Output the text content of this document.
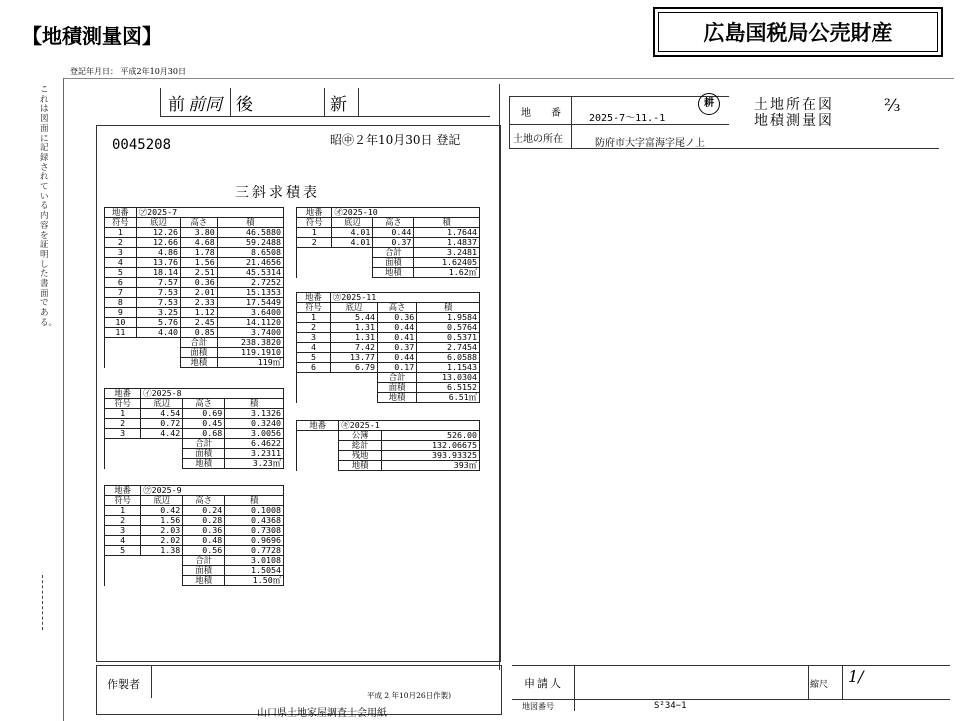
【地積測量図】	広島国税局公売財産
登記年月日： 平成2年10月30日
これは図面に記録されている内容を証明した書面である。
前 前同 後	新
0045208	昭㊥２年10月30日 登記
三斜求積表
地　　番	2025-7〜11.-1
土地所在図
地積測量図
⅔
土地の所在	防府市大字富海字尾ノ上
耕
地番	㋐2025-7		
符号	底辺	高さ	積
1	12.26	3.80	46.5880
2	12.66	4.68	59.2488
3	4.86	1.78	8.6508
4	13.76	1.56	21.4656
5	18.14	2.51	45.5314
6	7.57	0.36	2.7252
7	7.53	2.01	15.1353
8	7.53	2.33	17.5449
9	3.25	1.12	3.6400
10	5.76	2.45	14.1120
11	4.40	0.85	3.7400
		合計	238.3820
		面積	119.1910
		地積	119㎡
地番	㋑2025-8		
符号	底辺	高さ	積
1	4.54	0.69	3.1326
2	0.72	0.45	0.3240
3	4.42	0.68	3.0056
		合計	6.4622
		面積	3.2311
		地積	3.23㎡
地番	㋒2025-9		
符号	底辺	高さ	積
1	0.42	0.24	0.1008
2	1.56	0.28	0.4368
3	2.03	0.36	0.7308
4	2.02	0.48	0.9696
5	1.38	0.56	0.7728
		合計	3.0108
		面積	1.5054
		地積	1.50㎡
地番	㋔2025-10		
符号	底辺	高さ	積
1	4.01	0.44	1.7644
2	4.01	0.37	1.4837
		合計	3.2481
		面積	1.62405
		地積	1.62㎡
地番	㋕2025-11		
符号	底辺	高さ	積
1	5.44	0.36	1.9584
2	1.31	0.44	0.5764
3	1.31	0.41	0.5371
4	7.42	0.37	2.7454
5	13.77	0.44	6.0588
6	6.79	0.17	1.1543
		合計	13.0304
		面積	6.5152
		地積	6.51㎡
地番	㋖2025-1	
	公簿	526.00
	総計	132.06675
	残地	393.93325
	地積	393㎡
作製者
平成 2 年10月26日作製)
山口県土地家屋調査士会用紙
申請人	縮尺 1/
地図番号	S²34−1
